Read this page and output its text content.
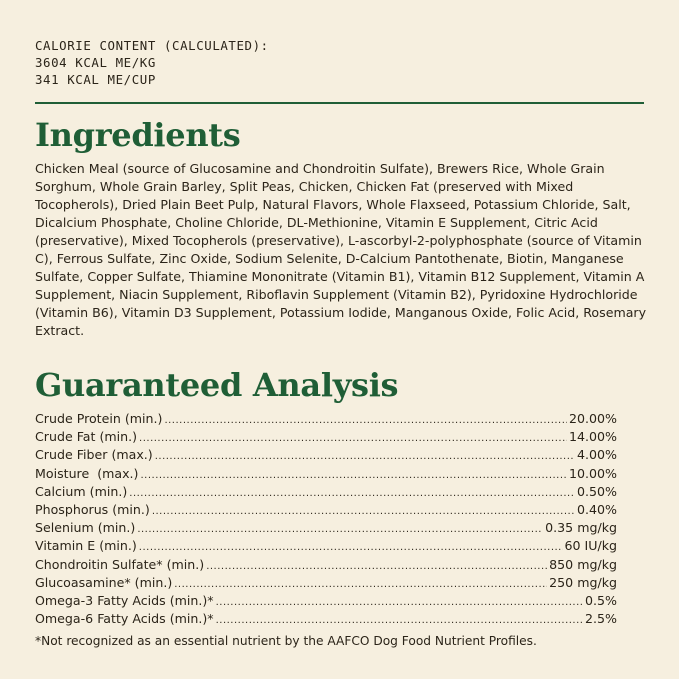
CALORIE CONTENT (CALCULATED):
3604 KCAL ME/KG
341 KCAL ME/CUP
Ingredients
Chicken Meal (source of Glucosamine and Chondroitin Sulfate), Brewers Rice, Whole Grain Sorghum, Whole Grain Barley, Split Peas, Chicken, Chicken Fat (preserved with Mixed Tocopherols), Dried Plain Beet Pulp, Natural Flavors, Whole Flaxseed, Potassium Chloride, Salt, Dicalcium Phosphate, Choline Chloride, DL-Methionine, Vitamin E Supplement, Citric Acid (preservative), Mixed Tocopherols (preservative), L-ascorbyl-2-polyphosphate (source of Vitamin C), Ferrous Sulfate, Zinc Oxide, Sodium Selenite, D-Calcium Pantothenate, Biotin, Manganese Sulfate, Copper Sulfate, Thiamine Mononitrate (Vitamin B1), Vitamin B12 Supplement, Vitamin A Supplement, Niacin Supplement, Riboflavin Supplement (Vitamin B2), Pyridoxine Hydrochloride (Vitamin B6), Vitamin D3 Supplement, Potassium Iodide, Manganous Oxide, Folic Acid, Rosemary Extract.
Guaranteed Analysis
Crude Protein (min.) .....	20.00%
Crude Fat (min.) .....	14.00%
Crude Fiber (max.) .....	4.00%
Moisture  (max.) .....	10.00%
Calcium (min.) .....	0.50%
Phosphorus (min.) .....	0.40%
Selenium (min.) .....	0.35 mg/kg
Vitamin E (min.) .....	60 IU/kg
Chondroitin Sulfate* (min.) .....	850 mg/kg
Glucoasamine* (min.) .....	250 mg/kg
Omega-3 Fatty Acids (min.)* .....	0.5%
Omega-6 Fatty Acids (min.)* .....	2.5%
*Not recognized as an essential nutrient by the AAFCO Dog Food Nutrient Profiles.
